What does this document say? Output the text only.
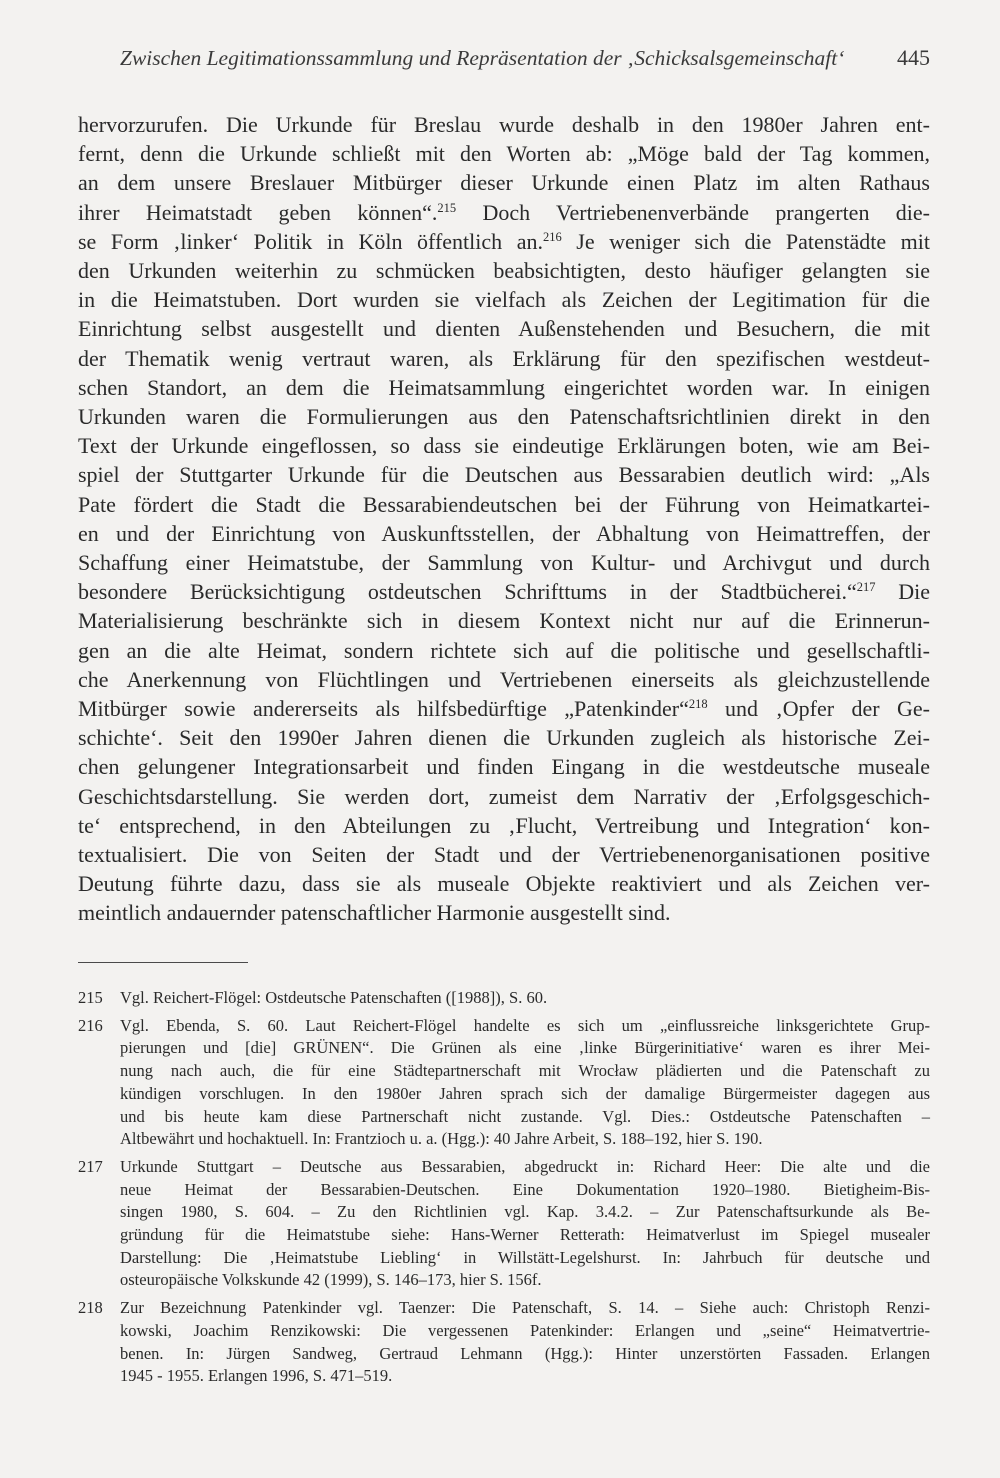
Zwischen Legitimationssammlung und Repräsentation der ‚Schicksalsgemeinschaft‘ 445
hervorzurufen. Die Urkunde für Breslau wurde deshalb in den 1980er Jahren ent-
fernt, denn die Urkunde schließt mit den Worten ab: „Möge bald der Tag kommen,
an dem unsere Breslauer Mitbürger dieser Urkunde einen Platz im alten Rathaus
ihrer Heimatstadt geben können“.$^{215}$ Doch Vertriebenenverbände prangerten die-
se Form ‚linker‘ Politik in Köln öffentlich an.$^{216}$ Je weniger sich die Patenstädte mit
den Urkunden weiterhin zu schmücken beabsichtigten, desto häufiger gelangten sie
in die Heimatstuben. Dort wurden sie vielfach als Zeichen der Legitimation für die
Einrichtung selbst ausgestellt und dienten Außenstehenden und Besuchern, die mit
der Thematik wenig vertraut waren, als Erklärung für den spezifischen westdeut-
schen Standort, an dem die Heimatsammlung eingerichtet worden war. In einigen
Urkunden waren die Formulierungen aus den Patenschaftsrichtlinien direkt in den
Text der Urkunde eingeflossen, so dass sie eindeutige Erklärungen boten, wie am Bei-
spiel der Stuttgarter Urkunde für die Deutschen aus Bessarabien deutlich wird: „Als
Pate fördert die Stadt die Bessarabiendeutschen bei der Führung von Heimatkartei-
en und der Einrichtung von Auskunftsstellen, der Abhaltung von Heimattreffen, der
Schaffung einer Heimatstube, der Sammlung von Kultur- und Archivgut und durch
besondere Berücksichtigung ostdeutschen Schrifttums in der Stadtbücherei.“$^{217}$ Die
Materialisierung beschränkte sich in diesem Kontext nicht nur auf die Erinnerun-
gen an die alte Heimat, sondern richtete sich auf die politische und gesellschaftli-
che Anerkennung von Flüchtlingen und Vertriebenen einerseits als gleichzustellende
Mitbürger sowie andererseits als hilfsbedürftige „Patenkinder“$^{218}$ und ‚Opfer der Ge-
schichte‘. Seit den 1990er Jahren dienen die Urkunden zugleich als historische Zei-
chen gelungener Integrationsarbeit und finden Eingang in die westdeutsche museale
Geschichtsdarstellung. Sie werden dort, zumeist dem Narrativ der ‚Erfolgsgeschich-
te‘ entsprechend, in den Abteilungen zu ‚Flucht, Vertreibung und Integration‘ kon-
textualisiert. Die von Seiten der Stadt und der Vertriebenenorganisationen positive
Deutung führte dazu, dass sie als museale Objekte reaktiviert und als Zeichen ver-
meintlich andauernder patenschaftlicher Harmonie ausgestellt sind.
215	Vgl. Reichert-Flögel: Ostdeutsche Patenschaften ([1988]), S. 60.
216	Vgl. Ebenda, S. 60. Laut Reichert-Flögel handelte es sich um „einflussreiche linksgerichtete Grup-
pierungen und [die] GRÜNEN“. Die Grünen als eine ‚linke Bürgerinitiative‘ waren es ihrer Mei-
nung nach auch, die für eine Städtepartnerschaft mit Wrocław plädierten und die Patenschaft zu
kündigen vorschlugen. In den 1980er Jahren sprach sich der damalige Bürgermeister dagegen aus
und bis heute kam diese Partnerschaft nicht zustande. Vgl. Dies.: Ostdeutsche Patenschaften –
Altbewährt und hochaktuell. In: Frantzioch u. a. (Hgg.): 40 Jahre Arbeit, S. 188–192, hier S. 190.
217	Urkunde Stuttgart – Deutsche aus Bessarabien, abgedruckt in: Richard Heer: Die alte und die
neue Heimat der Bessarabien-Deutschen. Eine Dokumentation 1920–1980. Bietigheim-Bis-
singen 1980, S. 604. – Zu den Richtlinien vgl. Kap. 3.4.2. – Zur Patenschaftsurkunde als Be-
gründung für die Heimatstube siehe: Hans-Werner Retterath: Heimatverlust im Spiegel musealer
Darstellung: Die ‚Heimatstube Liebling‘ in Willstätt-Legelshurst. In: Jahrbuch für deutsche und
osteuropäische Volkskunde 42 (1999), S. 146–173, hier S. 156f.
218	Zur Bezeichnung Patenkinder vgl. Taenzer: Die Patenschaft, S. 14. – Siehe auch: Christoph Renzi-
kowski, Joachim Renzikowski: Die vergessenen Patenkinder: Erlangen und „seine“ Heimatvertrie-
benen. In: Jürgen Sandweg, Gertraud Lehmann (Hgg.): Hinter unzerstörten Fassaden. Erlangen
1945 - 1955. Erlangen 1996, S. 471–519.
